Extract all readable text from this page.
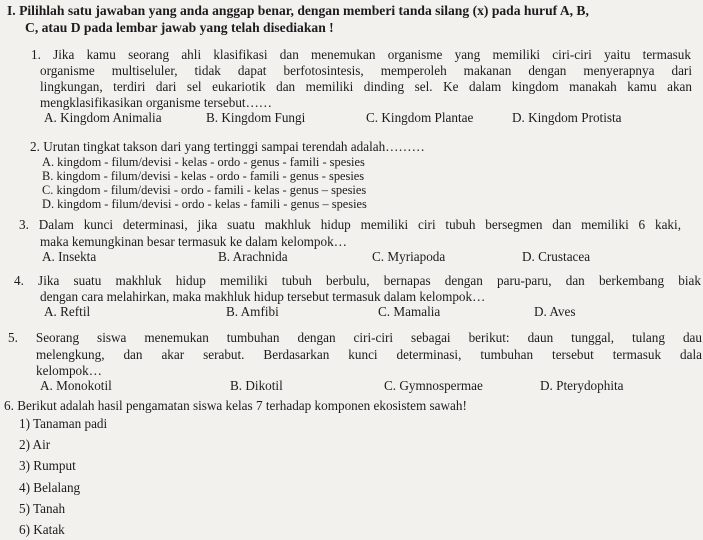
I. Pilihlah satu jawaban yang anda anggap benar, dengan memberi tanda silang (x) pada huruf A, B,
C, atau D pada lembar jawab yang telah disediakan !
1. Jika kamu seorang ahli klasifikasi dan menemukan organisme yang memiliki ciri-ciri yaitu termasuk
organisme multiseluler, tidak dapat berfotosintesis, memperoleh makanan dengan menyerapnya dari
lingkungan, terdiri dari sel eukariotik dan memiliki dinding sel. Ke dalam kingdom manakah kamu akan
mengklasifikasikan organisme tersebut……
A. Kingdom Animalia	B. Kingdom Fungi	C. Kingdom Plantae	D. Kingdom Protista
2. Urutan tingkat takson dari yang tertinggi sampai terendah adalah………
A. kingdom - filum/devisi - kelas - ordo - genus - famili - spesies
B. kingdom - filum/devisi - kelas - ordo - famili - genus - spesies
C. kingdom - filum/devisi - ordo - famili - kelas - genus – spesies
D. kingdom - filum/devisi - ordo - kelas - famili - genus – spesies
3. Dalam kunci determinasi, jika suatu makhluk hidup memiliki ciri tubuh bersegmen dan memiliki 6 kaki,
maka kemungkinan besar termasuk ke dalam kelompok…
A. Insekta	B. Arachnida	C. Myriapoda	D. Crustacea
4. Jika suatu makhluk hidup memiliki tubuh berbulu, bernapas dengan paru-paru, dan berkembang biak
dengan cara melahirkan, maka makhluk hidup tersebut termasuk dalam kelompok…
A. Reftil	B. Amfibi	C. Mamalia	D. Aves
5. Seorang siswa menemukan tumbuhan dengan ciri-ciri sebagai berikut: daun tunggal, tulang dau
melengkung, dan akar serabut. Berdasarkan kunci determinasi, tumbuhan tersebut termasuk dala
kelompok…
A. Monokotil	B. Dikotil	C. Gymnospermae	D. Pterydophita
6. Berikut adalah hasil pengamatan siswa kelas 7 terhadap komponen ekosistem sawah!
1) Tanaman padi
2) Air
3) Rumput
4) Belalang
5) Tanah
6) Katak
